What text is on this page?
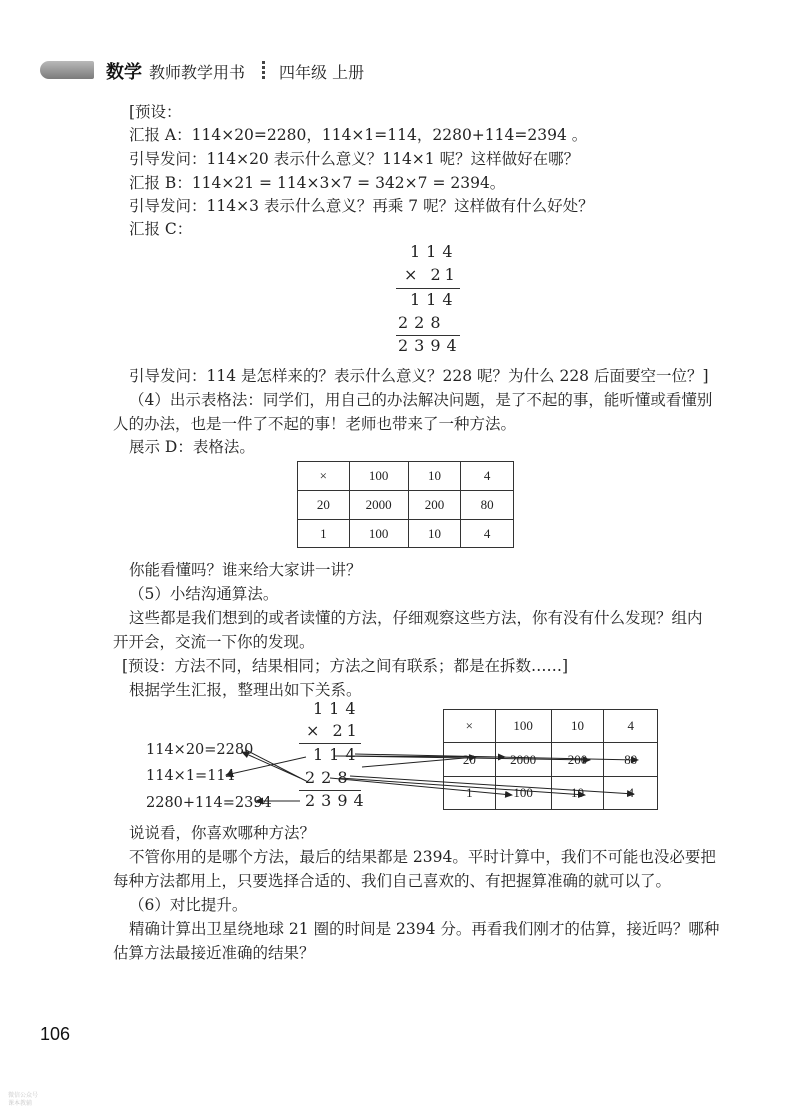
数学 教师教学用书 四年级 上册
[预设：
汇报 A：114×20=2280，114×1=114，2280+114=2394 。
引导发问：114×20 表示什么意义？114×1 呢？这样做好在哪？
汇报 B：114×21 = 114×3×7 = 342×7 = 2394。
引导发问：114×3 表示什么意义？再乘 7 呢？这样做有什么好处？
汇报 C：
114
× 21
114
228
2394
引导发问：114 是怎样来的？表示什么意义？228 呢？为什么 228 后面要空一位？]
（4）出示表格法：同学们，用自己的办法解决问题，是了不起的事，能听懂或看懂别
人的办法，也是一件了不起的事！老师也带来了一种方法。
展示 D：表格法。
×	100	10	4
20	2000	200	80
1	100	10	4
你能看懂吗？谁来给大家讲一讲？
（5）小结沟通算法。
这些都是我们想到的或者读懂的方法，仔细观察这些方法，你有没有什么发现？组内
开开会，交流一下你的发现。
[预设：方法不同，结果相同；方法之间有联系；都是在拆数……]
根据学生汇报，整理出如下关系。
114
× 21
114
228
2394
114×20=2280
114×1=114
2280+114=2394
×	100	10	4
20	2000	200	80
1	100	10	4
说说看，你喜欢哪种方法？
不管你用的是哪个方法，最后的结果都是 2394。平时计算中，我们不可能也没必要把
每种方法都用上，只要选择合适的、我们自己喜欢的、有把握算准确的就可以了。
（6）对比提升。
精确计算出卫星绕地球 21 圈的时间是 2394 分。再看我们刚才的估算，接近吗？哪种
估算方法最接近准确的结果？
106
微信公众号
课本教辅
